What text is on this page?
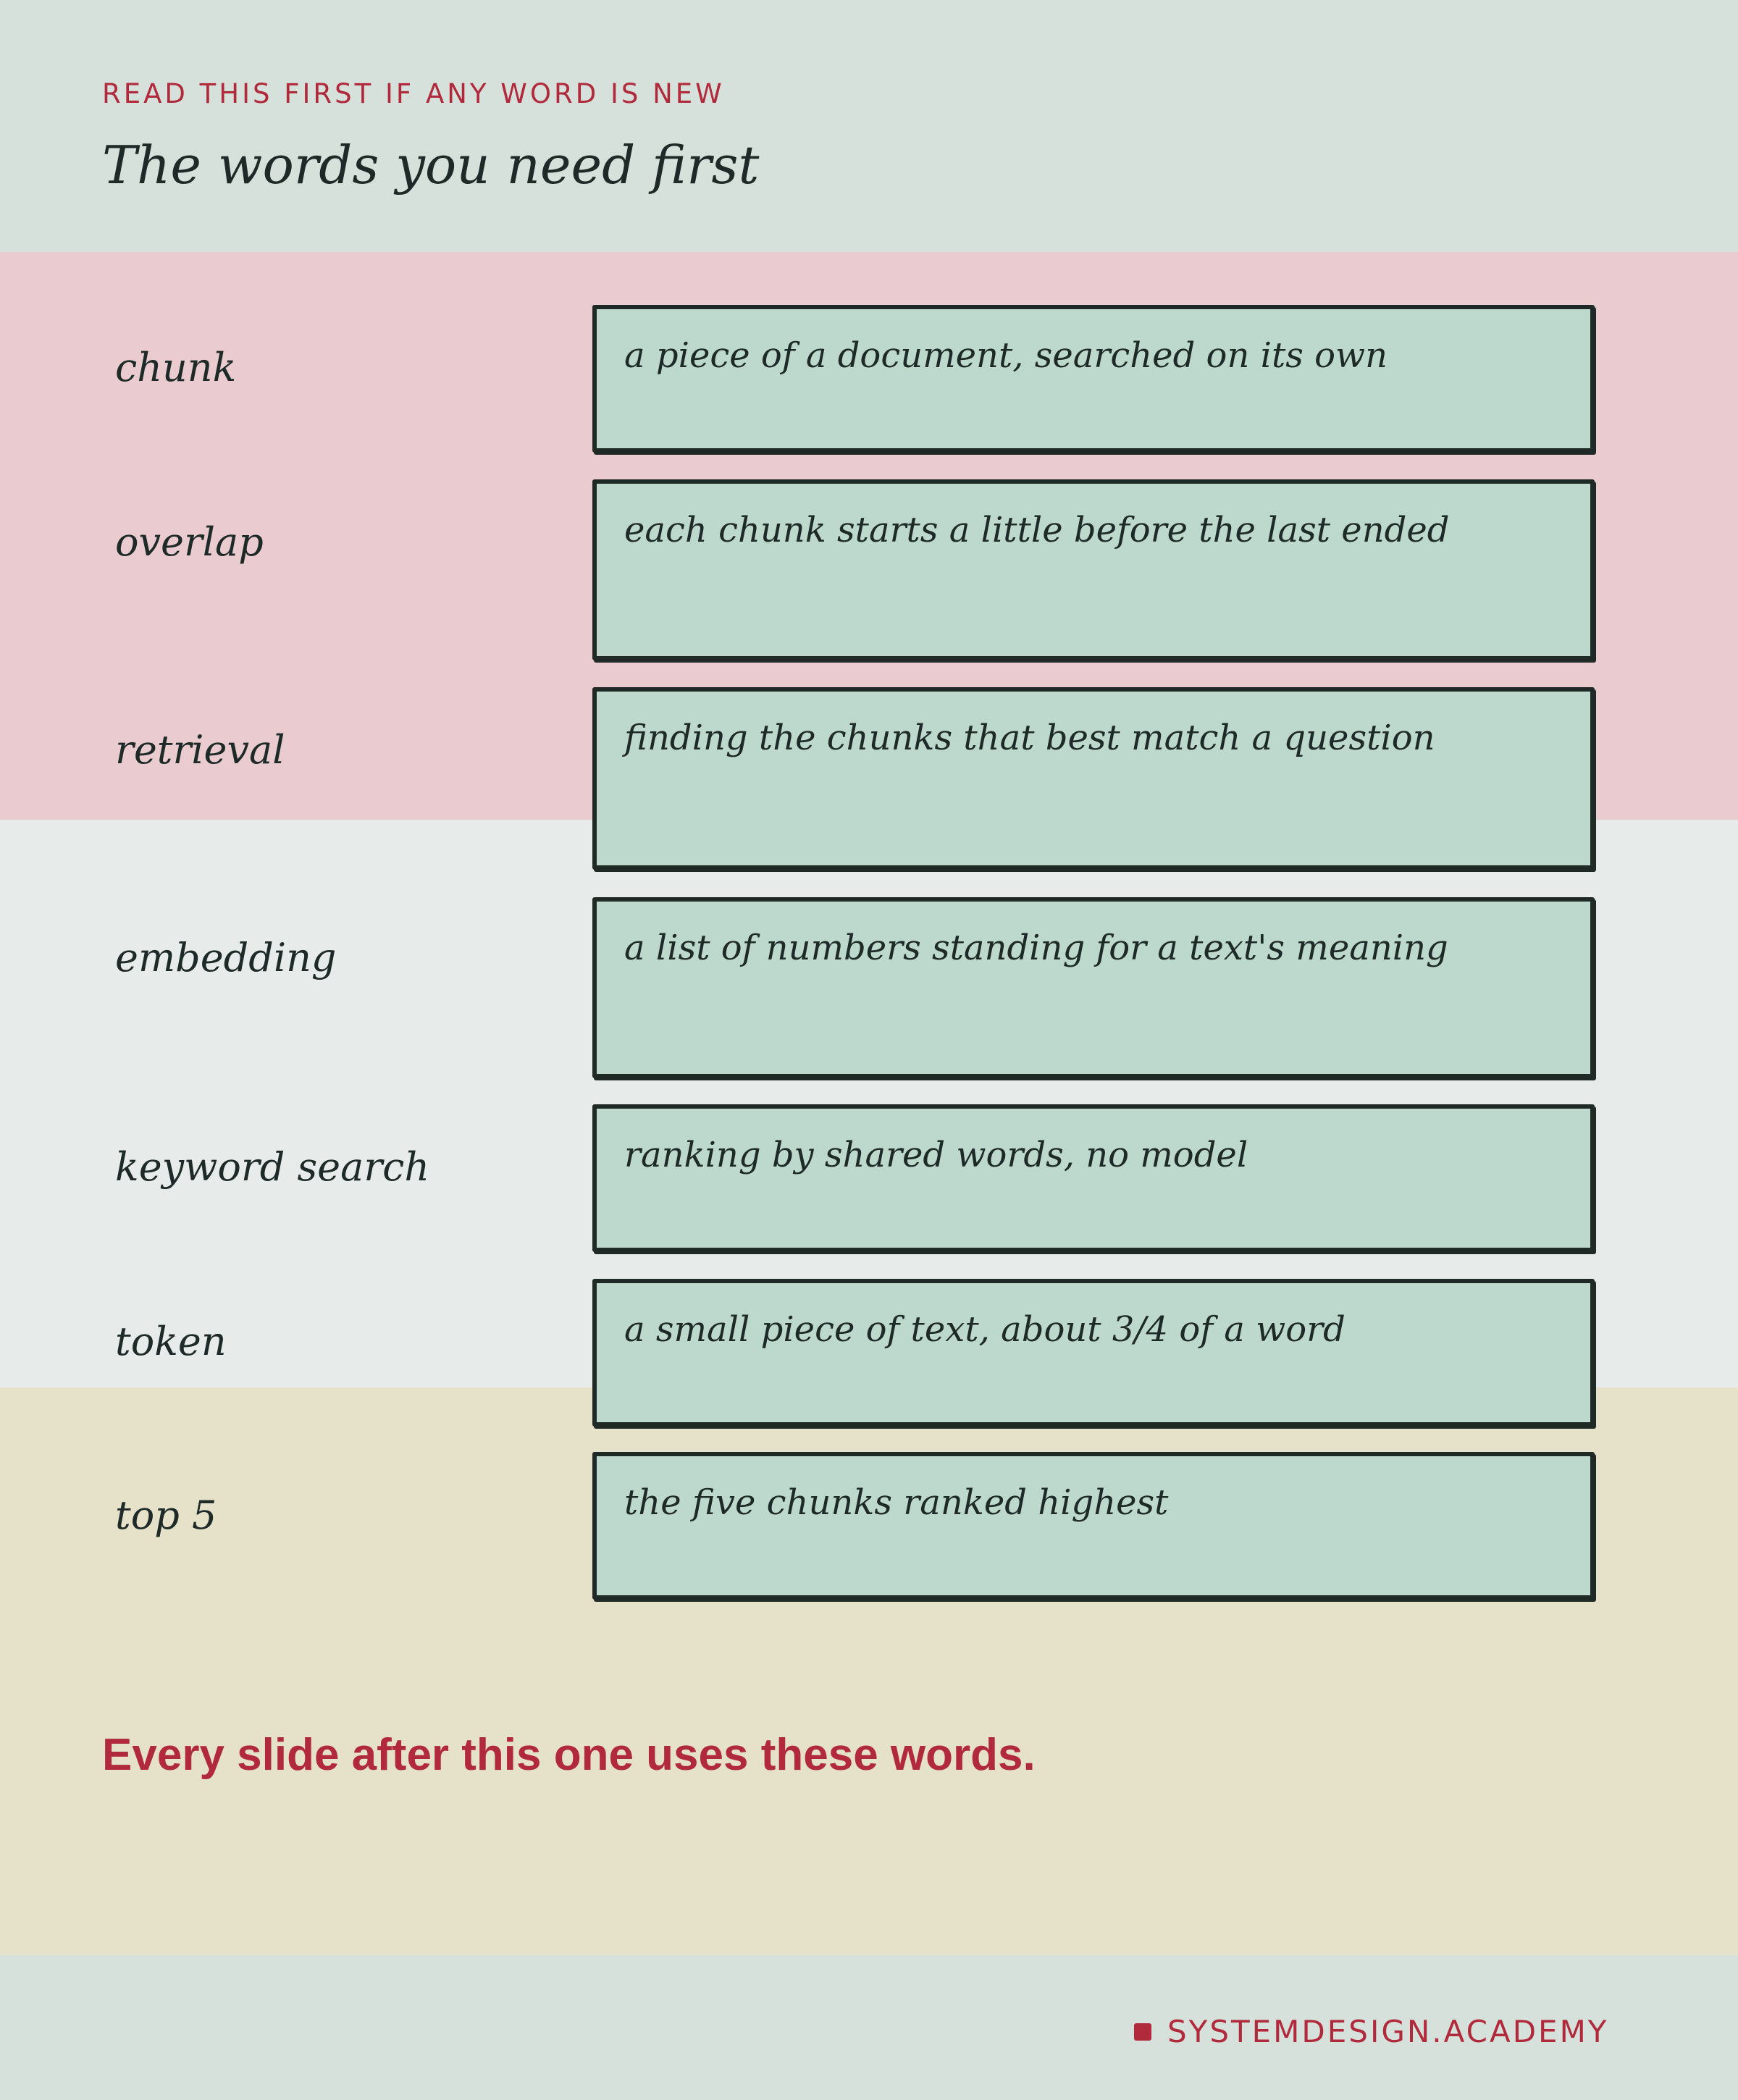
READ THIS FIRST IF ANY WORD IS NEW
The words you need first
chunk	a piece of a document, searched on its own
overlap	each chunk starts a little before the last ended
retrieval	finding the chunks that best match a question
embedding	a list of numbers standing for a text's meaning
keyword search	ranking by shared words, no model
token	a small piece of text, about 3/4 of a word
top 5	the five chunks ranked highest
Every slide after this one uses these words.
SYSTEMDESIGN.ACADEMY
